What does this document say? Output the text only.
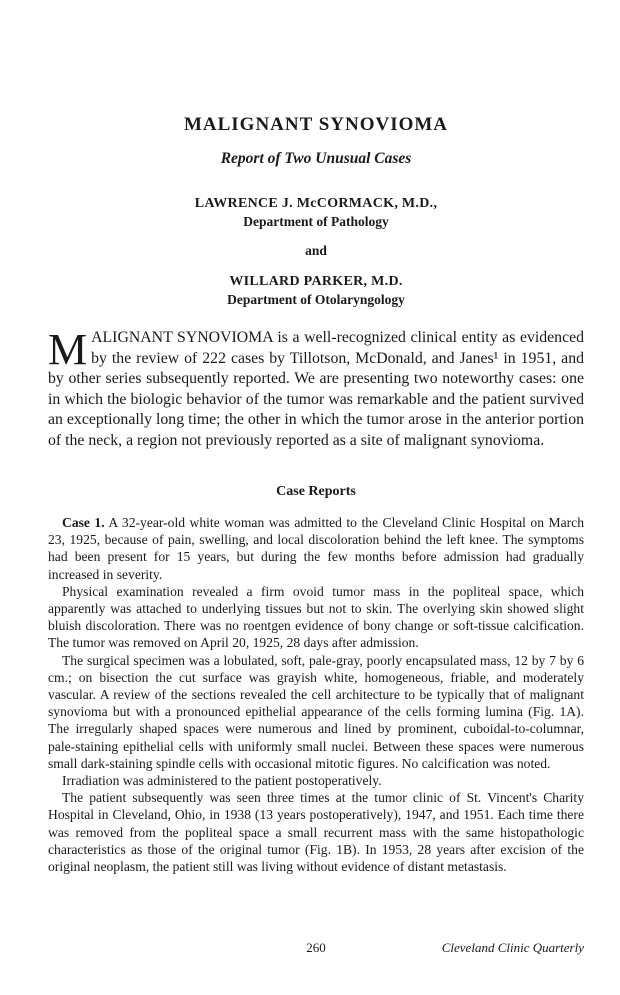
MALIGNANT SYNOVIOMA
Report of Two Unusual Cases
LAWRENCE J. McCORMACK, M.D.,
Department of Pathology
and
WILLARD PARKER, M.D.
Department of Otolaryngology

MALIGNANT SYNOVIOMA is a well-recognized clinical entity as evidenced by the review of 222 cases by Tillotson, McDonald, and Janes¹ in 1951, and by other series subsequently reported. We are presenting two noteworthy cases: one in which the biologic behavior of the tumor was remarkable and the patient survived an exceptionally long time; the other in which the tumor arose in the anterior portion of the neck, a region not previously reported as a site of malignant synovioma.

Case Reports

Case 1. A 32-year-old white woman was admitted to the Cleveland Clinic Hospital on March 23, 1925, because of pain, swelling, and local discoloration behind the left knee. The symptoms had been present for 15 years, but during the few months before admission had gradually increased in severity.

Physical examination revealed a firm ovoid tumor mass in the popliteal space, which apparently was attached to underlying tissues but not to skin. The overlying skin showed slight bluish discoloration. There was no roentgen evidence of bony change or soft-tissue calcification. The tumor was removed on April 20, 1925, 28 days after admission.

The surgical specimen was a lobulated, soft, pale-gray, poorly encapsulated mass, 12 by 7 by 6 cm.; on bisection the cut surface was grayish white, homogeneous, friable, and moderately vascular. A review of the sections revealed the cell architecture to be typically that of malignant synovioma but with a pronounced epithelial appearance of the cells forming lumina (Fig. 1A). The irregularly shaped spaces were numerous and lined by prominent, cuboidal-to-columnar, pale-staining epithelial cells with uniformly small nuclei. Between these spaces were numerous small dark-staining spindle cells with occasional mitotic figures. No calcification was noted.

Irradiation was administered to the patient postoperatively.

The patient subsequently was seen three times at the tumor clinic of St. Vincent's Charity Hospital in Cleveland, Ohio, in 1938 (13 years postoperatively), 1947, and 1951. Each time there was removed from the popliteal space a small recurrent mass with the same histopathologic characteristics as those of the original tumor (Fig. 1B). In 1953, 28 years after excision of the original neoplasm, the patient still was living without evidence of distant metastasis.

260	Cleveland Clinic Quarterly
